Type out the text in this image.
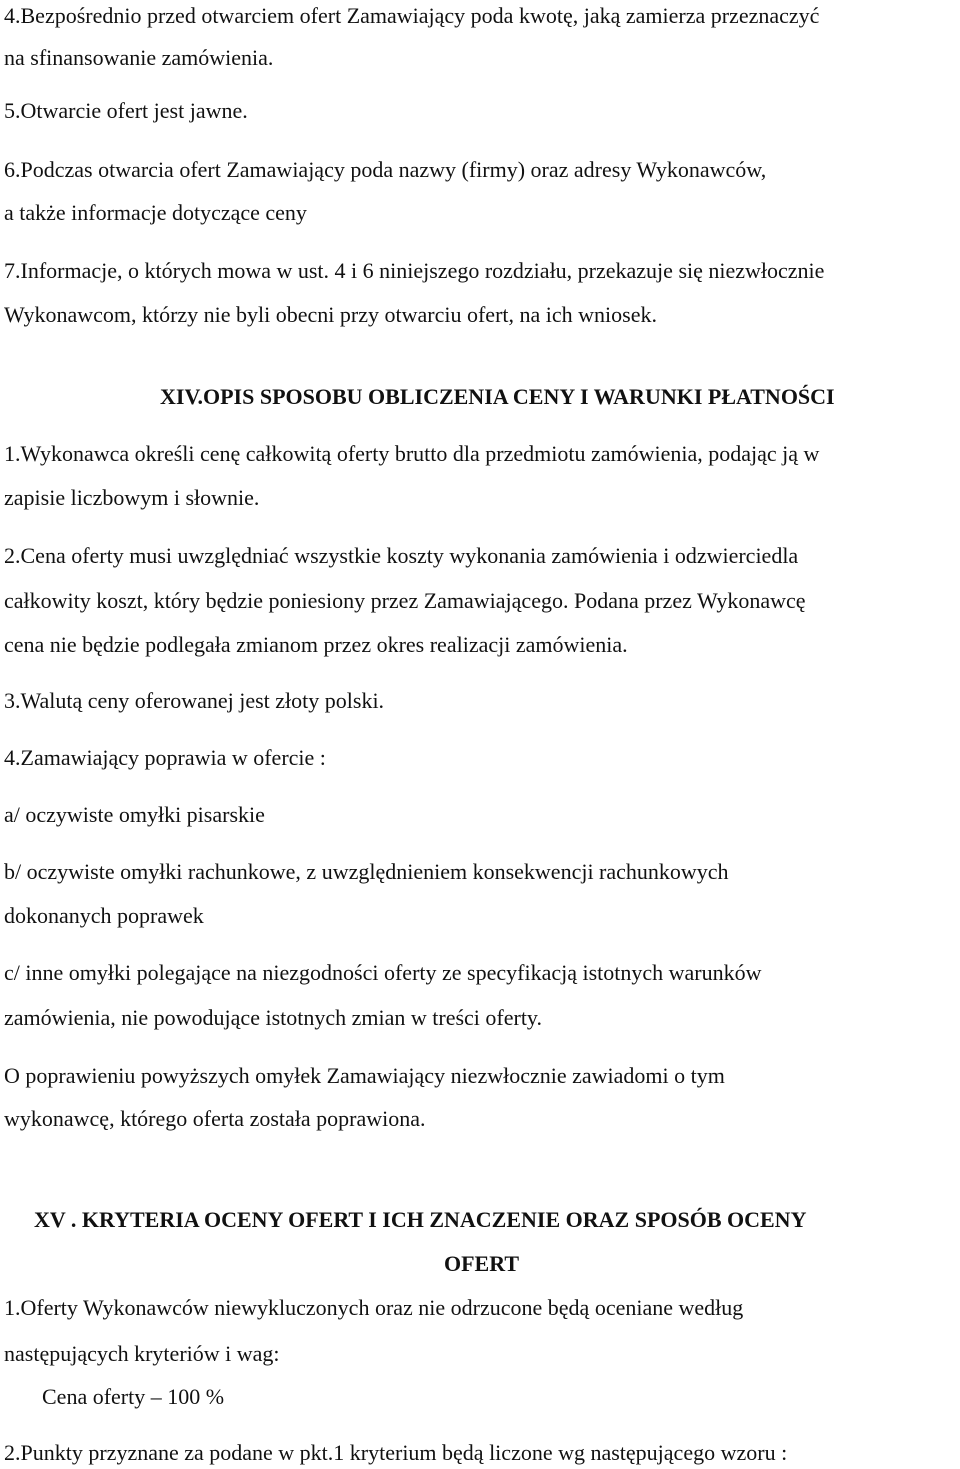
4.Bezpośrednio przed otwarciem ofert Zamawiający poda kwotę, jaką zamierza przeznaczyć
na sfinansowanie zamówienia.
5.Otwarcie ofert jest jawne.
6.Podczas otwarcia ofert Zamawiający poda nazwy (firmy) oraz adresy Wykonawców,
a także informacje dotyczące ceny
7.Informacje, o których mowa w ust. 4 i 6 niniejszego rozdziału, przekazuje się niezwłocznie
Wykonawcom, którzy nie byli obecni przy otwarciu ofert, na ich wniosek.
XIV.OPIS SPOSOBU OBLICZENIA CENY I WARUNKI PŁATNOŚCI
1.Wykonawca określi cenę całkowitą oferty brutto dla przedmiotu zamówienia, podając ją w
zapisie liczbowym i słownie.
2.Cena oferty musi uwzględniać wszystkie koszty wykonania zamówienia i odzwierciedla
całkowity koszt, który będzie poniesiony przez Zamawiającego. Podana przez Wykonawcę
cena nie będzie podlegała zmianom przez okres realizacji zamówienia.
3.Walutą ceny oferowanej jest złoty polski.
4.Zamawiający poprawia w ofercie :
a/ oczywiste omyłki pisarskie
b/ oczywiste omyłki rachunkowe, z uwzględnieniem konsekwencji rachunkowych
dokonanych poprawek
c/ inne omyłki polegające na niezgodności oferty ze specyfikacją istotnych warunków
zamówienia, nie powodujące istotnych zmian w treści oferty.
O poprawieniu powyższych omyłek Zamawiający niezwłocznie zawiadomi o tym
wykonawcę, którego oferta została poprawiona.
XV . KRYTERIA OCENY OFERT I ICH ZNACZENIE ORAZ SPOSÓB OCENY
OFERT
1.Oferty Wykonawców niewykluczonych oraz nie odrzucone będą oceniane według
następujących kryteriów i wag:
Cena oferty – 100 %
2.Punkty przyznane za podane w pkt.1 kryterium będą liczone wg następującego wzoru :
